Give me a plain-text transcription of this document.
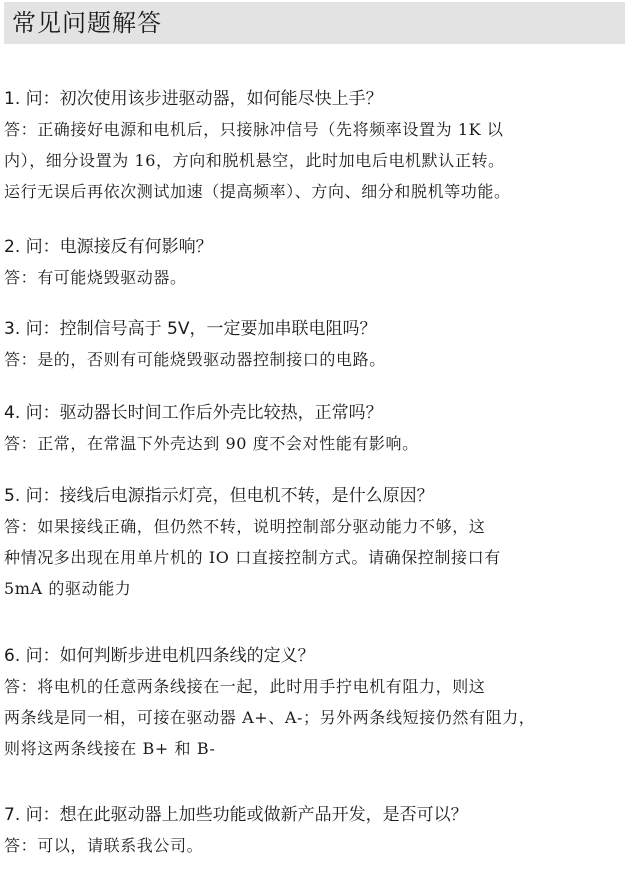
常见问题解答
1. 问：初次使用该步进驱动器，如何能尽快上手？
答：正确接好电源和电机后，只接脉冲信号（先将频率设置为 1K 以
内），细分设置为 16，方向和脱机悬空，此时加电后电机默认正转。
运行无误后再依次测试加速（提高频率）、方向、细分和脱机等功能。
2. 问：电源接反有何影响？
答：有可能烧毁驱动器。
3. 问：控制信号高于 5V，一定要加串联电阻吗？
答：是的，否则有可能烧毁驱动器控制接口的电路。
4. 问：驱动器长时间工作后外壳比较热，正常吗？
答：正常，在常温下外壳达到 90 度不会对性能有影响。
5. 问：接线后电源指示灯亮，但电机不转，是什么原因？
答：如果接线正确，但仍然不转，说明控制部分驱动能力不够，这
种情况多出现在用单片机的 IO 口直接控制方式。请确保控制接口有
5mA 的驱动能力
6. 问：如何判断步进电机四条线的定义？
答：将电机的任意两条线接在一起，此时用手拧电机有阻力，则这
两条线是同一相，可接在驱动器 A+、A-；另外两条线短接仍然有阻力，
则将这两条线接在 B+ 和 B-
7. 问：想在此驱动器上加些功能或做新产品开发，是否可以？
答：可以，请联系我公司。
